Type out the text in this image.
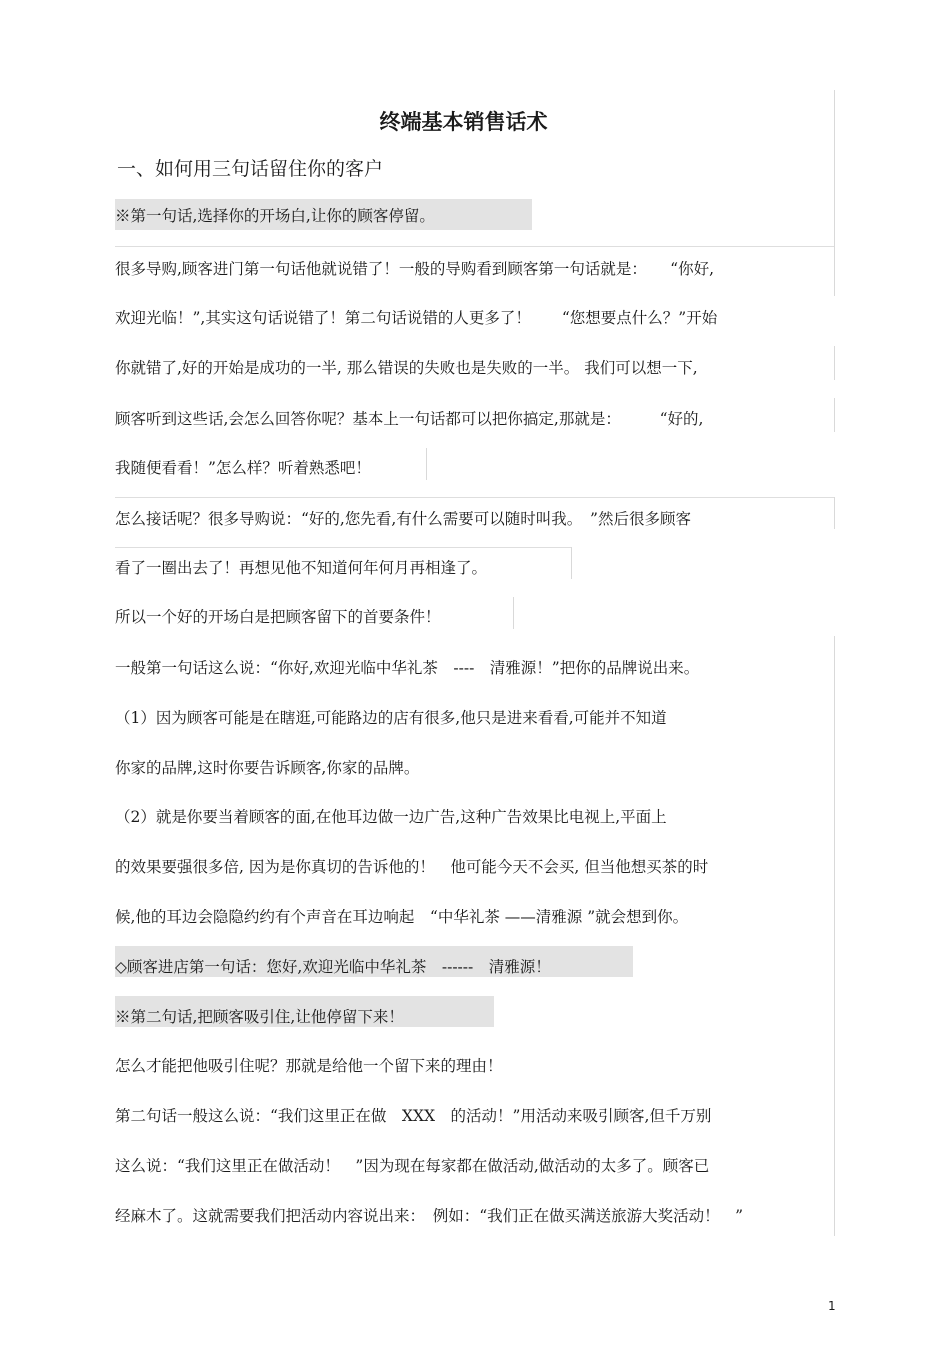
终端基本销售话术
一、如何用三句话留住你的客户
※第一句话,选择你的开场白,让你的顾客停留。
很多导购,顾客进门第一句话他就说错了！一般的导购看到顾客第一句话就是：　　“你好,
欢迎光临！”,其实这句话说错了！第二句话说错的人更多了！　　“您想要点什么？”开始
你就错了,好的开始是成功的一半, 那么错误的失败也是失败的一半。 我们可以想一下,
顾客听到这些话,会怎么回答你呢？基本上一句话都可以把你搞定,那就是：　　　“好的,
我随便看看！”怎么样？听着熟悉吧！
怎么接话呢？很多导购说：“好的,您先看,有什么需要可以随时叫我。　”然后很多顾客
看了一圈出去了！再想见他不知道何年何月再相逢了。
所以一个好的开场白是把顾客留下的首要条件！
一般第一句话这么说：“你好,欢迎光临中华礼茶　----　清雅源！”把你的品牌说出来。
（1）因为顾客可能是在瞎逛,可能路边的店有很多,他只是进来看看,可能并不知道
你家的品牌,这时你要告诉顾客,你家的品牌。
（2）就是你要当着顾客的面,在他耳边做一边广告,这种广告效果比电视上,平面上
的效果要强很多倍, 因为是你真切的告诉他的！　他可能今天不会买, 但当他想买茶的时
候,他的耳边会隐隐约约有个声音在耳边响起　“中华礼茶 ——清雅源 ”就会想到你。
◇顾客进店第一句话：您好,欢迎光临中华礼茶　------　清雅源！
※第二句话,把顾客吸引住,让他停留下来！
怎么才能把他吸引住呢？那就是给他一个留下来的理由！
第二句话一般这么说：“我们这里正在做　XXX　的活动！”用活动来吸引顾客,但千万别
这么说：“我们这里正在做活动！　”因为现在每家都在做活动,做活动的太多了。顾客已
经麻木了。这就需要我们把活动内容说出来：　例如：“我们正在做买满送旅游大奖活动！　”
1
